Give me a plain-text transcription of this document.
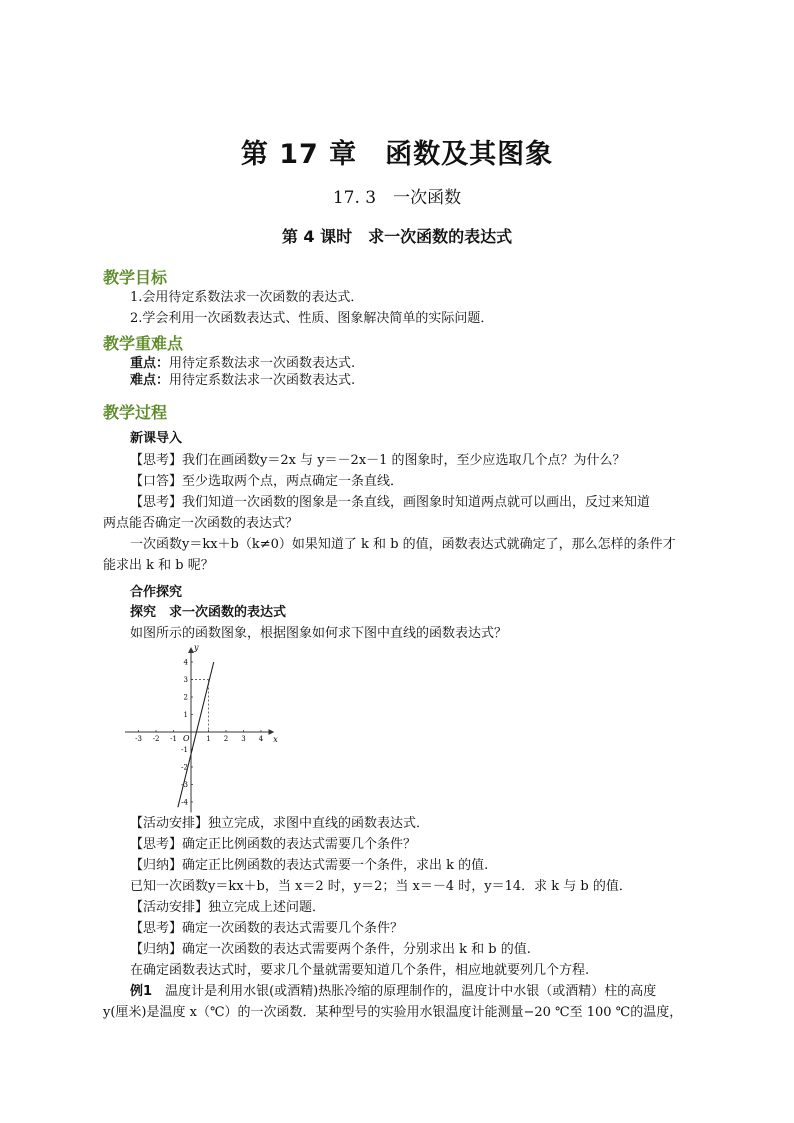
第 17 章　函数及其图象
17. 3　一次函数
第 4 课时　求一次函数的表达式
教学目标
1.会用待定系数法求一次函数的表达式．
2.学会利用一次函数表达式、性质、图象解决简单的实际问题．
教学重难点
重点：用待定系数法求一次函数表达式.
难点：用待定系数法求一次函数表达式.
教学过程
新课导入
【思考】我们在画函数y＝2x 与 y＝－2x－1 的图象时，至少应选取几个点？为什么？
【口答】至少选取两个点，两点确定一条直线．
【思考】我们知道一次函数的图象是一条直线，画图象时知道两点就可以画出，反过来知道
两点能否确定一次函数的表达式？
一次函数y＝kx＋b（k≠0）如果知道了 k 和 b 的值，函数表达式就确定了，那么怎样的条件才
能求出 k 和 b 呢？
合作探究
探究　求一次函数的表达式
如图所示的函数图象，根据图象如何求下图中直线的函数表达式？
x
y
O
-3 -2 -1	1 2 3 4
4
3
2
1
-1
-2
-3
-4
【活动安排】独立完成，求图中直线的函数表达式．
【思考】确定正比例函数的表达式需要几个条件？
【归纳】确定正比例函数的表达式需要一个条件，求出 k 的值.
已知一次函数y＝kx＋b，当 x＝2 时，y＝2；当 x＝－4 时，y＝14．求 k 与 b 的值．
【活动安排】独立完成上述问题．
【思考】确定一次函数的表达式需要几个条件？
【归纳】确定一次函数的表达式需要两个条件，分别求出 k 和 b 的值.
在确定函数表达式时，要求几个量就需要知道几个条件，相应地就要列几个方程.
例1　 温度计是利用水银(或酒精)热胀冷缩的原理制作的，温度计中水银（或酒精）柱的高度
y(厘米)是温度 x（℃）的一次函数．某种型号的实验用水银温度计能测量−20 ℃至 100 ℃的温度，
